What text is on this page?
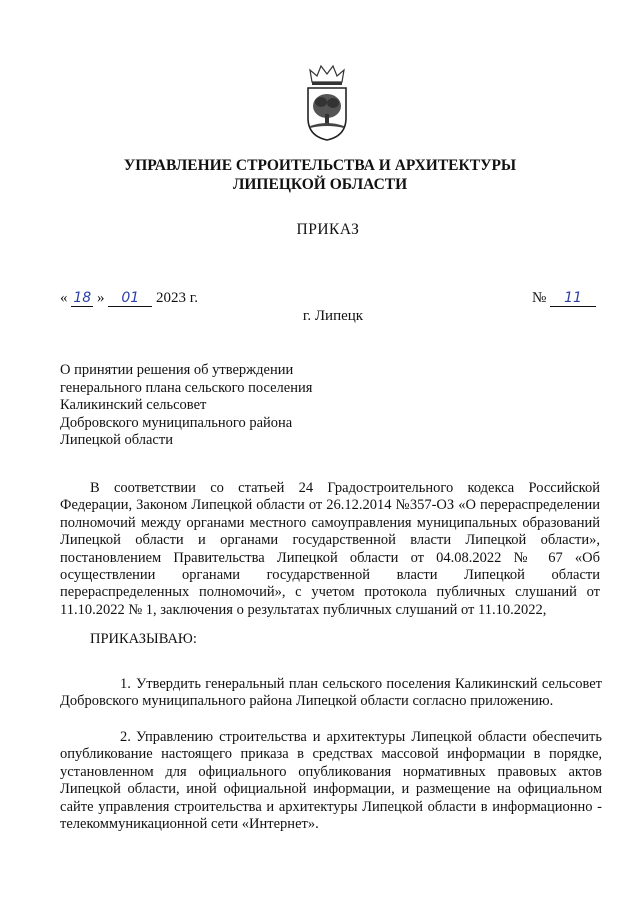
УПРАВЛЕНИЕ СТРОИТЕЛЬСТВА И АРХИТЕКТУРЫ
ЛИПЕЦКОЙ ОБЛАСТИ
ПРИКАЗ
« 18 » 01 2023 г.	№ 11
г. Липецк
О принятии решения об утверждении
генерального плана сельского поселения
Каликинский сельсовет
Добровского муниципального района
Липецкой области
В соответствии со статьей 24 Градостроительного кодекса Российской Федерации, Законом Липецкой области от 26.12.2014 №357-ОЗ «О перераспределении полномочий между органами местного самоуправления муниципальных образований Липецкой области и органами государственной власти Липецкой области», постановлением Правительства Липецкой области от 04.08.2022 № 67 «Об осуществлении органами государственной власти Липецкой области перераспределенных полномочий», с учетом протокола публичных слушаний от 11.10.2022 № 1, заключения о результатах публичных слушаний от 11.10.2022,
ПРИКАЗЫВАЮ:
1. Утвердить генеральный план сельского поселения Каликинский сельсовет Добровского муниципального района Липецкой области согласно приложению.
2. Управлению строительства и архитектуры Липецкой области обеспечить опубликование настоящего приказа в средствах массовой информации в порядке, установленном для официального опубликования нормативных правовых актов Липецкой области, иной официальной информации, и размещение на официальном сайте управления строительства и архитектуры Липецкой области в информационно - телекоммуникационной сети «Интернет».
